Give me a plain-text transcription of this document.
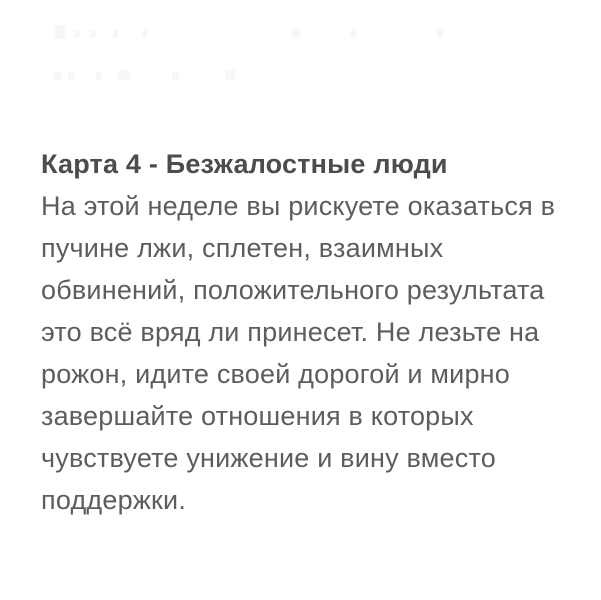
Карта 4 - Безжалостные люди
На этой неделе вы рискуете оказаться в
пучине лжи, сплетен, взаимных
обвинений, положительного результата
это всё вряд ли принесет. Не лезьте на
рожон, идите своей дорогой и мирно
завершайте отношения в которых
чувствуете унижение и вину вместо
поддержки.
